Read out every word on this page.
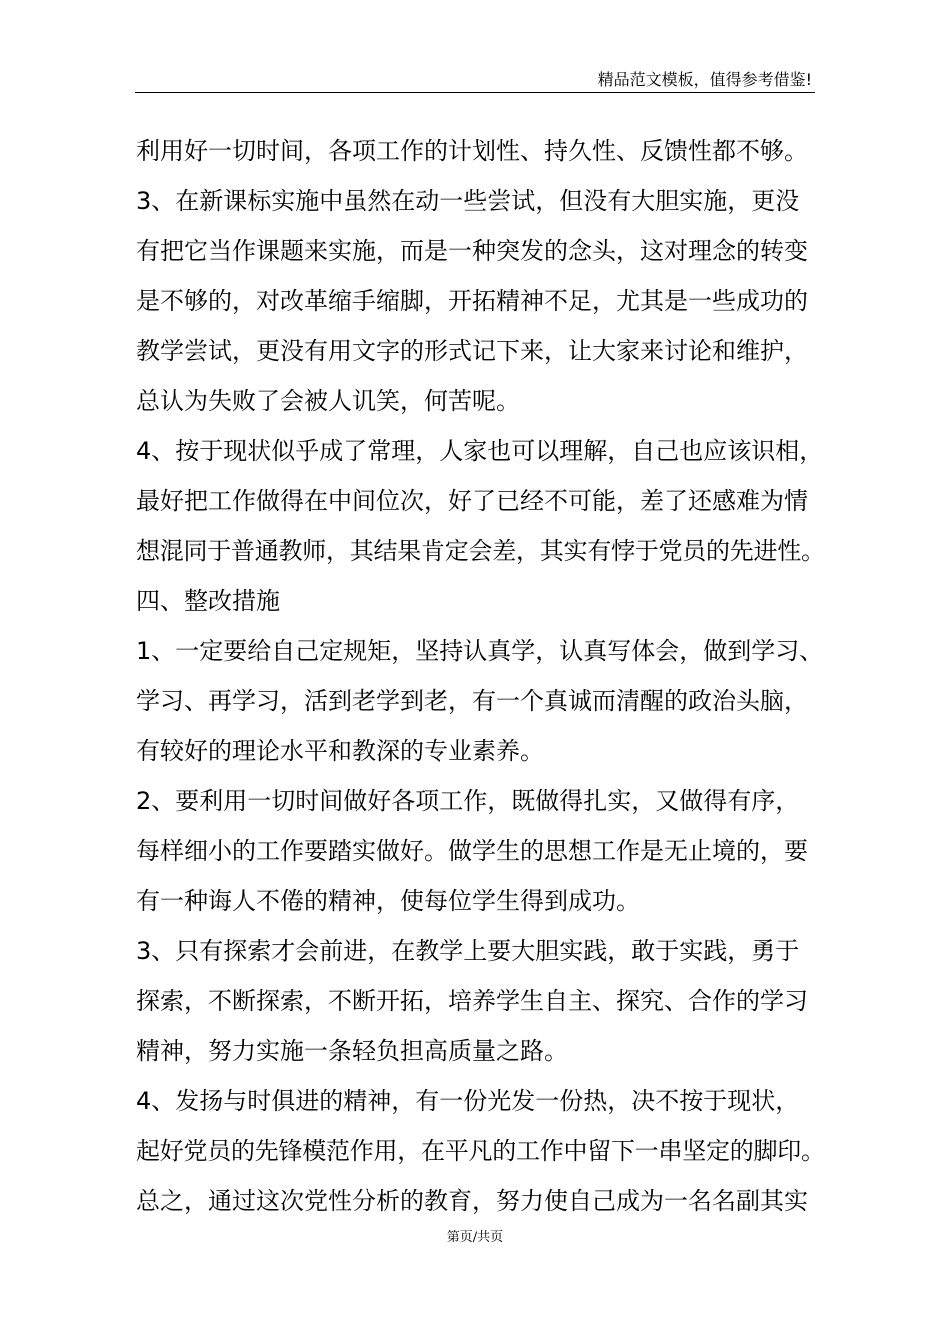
精品范文模板，值得参考借鉴!
利用好一切时间，各项工作的计划性、持久性、反馈性都不够。
3、在新课标实施中虽然在动一些尝试，但没有大胆实施，更没
有把它当作课题来实施，而是一种突发的念头，这对理念的转变
是不够的，对改革缩手缩脚，开拓精神不足，尤其是一些成功的
教学尝试，更没有用文字的形式记下来，让大家来讨论和维护，
总认为失败了会被人讥笑，何苦呢。
4、按于现状似乎成了常理，人家也可以理解，自己也应该识相，
最好把工作做得在中间位次，好了已经不可能，差了还感难为情
想混同于普通教师，其结果肯定会差，其实有悖于党员的先进性。
四、整改措施
1、一定要给自己定规矩，坚持认真学，认真写体会，做到学习、
学习、再学习，活到老学到老，有一个真诚而清醒的政治头脑，
有较好的理论水平和教深的专业素养。
2、要利用一切时间做好各项工作，既做得扎实，又做得有序，
每样细小的工作要踏实做好。做学生的思想工作是无止境的，要
有一种诲人不倦的精神，使每位学生得到成功。
3、只有探索才会前进，在教学上要大胆实践，敢于实践，勇于
探索，不断探索，不断开拓，培养学生自主、探究、合作的学习
精神，努力实施一条轻负担高质量之路。
4、发扬与时俱进的精神，有一份光发一份热，决不按于现状，
起好党员的先锋模范作用，在平凡的工作中留下一串坚定的脚印。
总之，通过这次党性分析的教育，努力使自己成为一名名副其实
第页/共页
